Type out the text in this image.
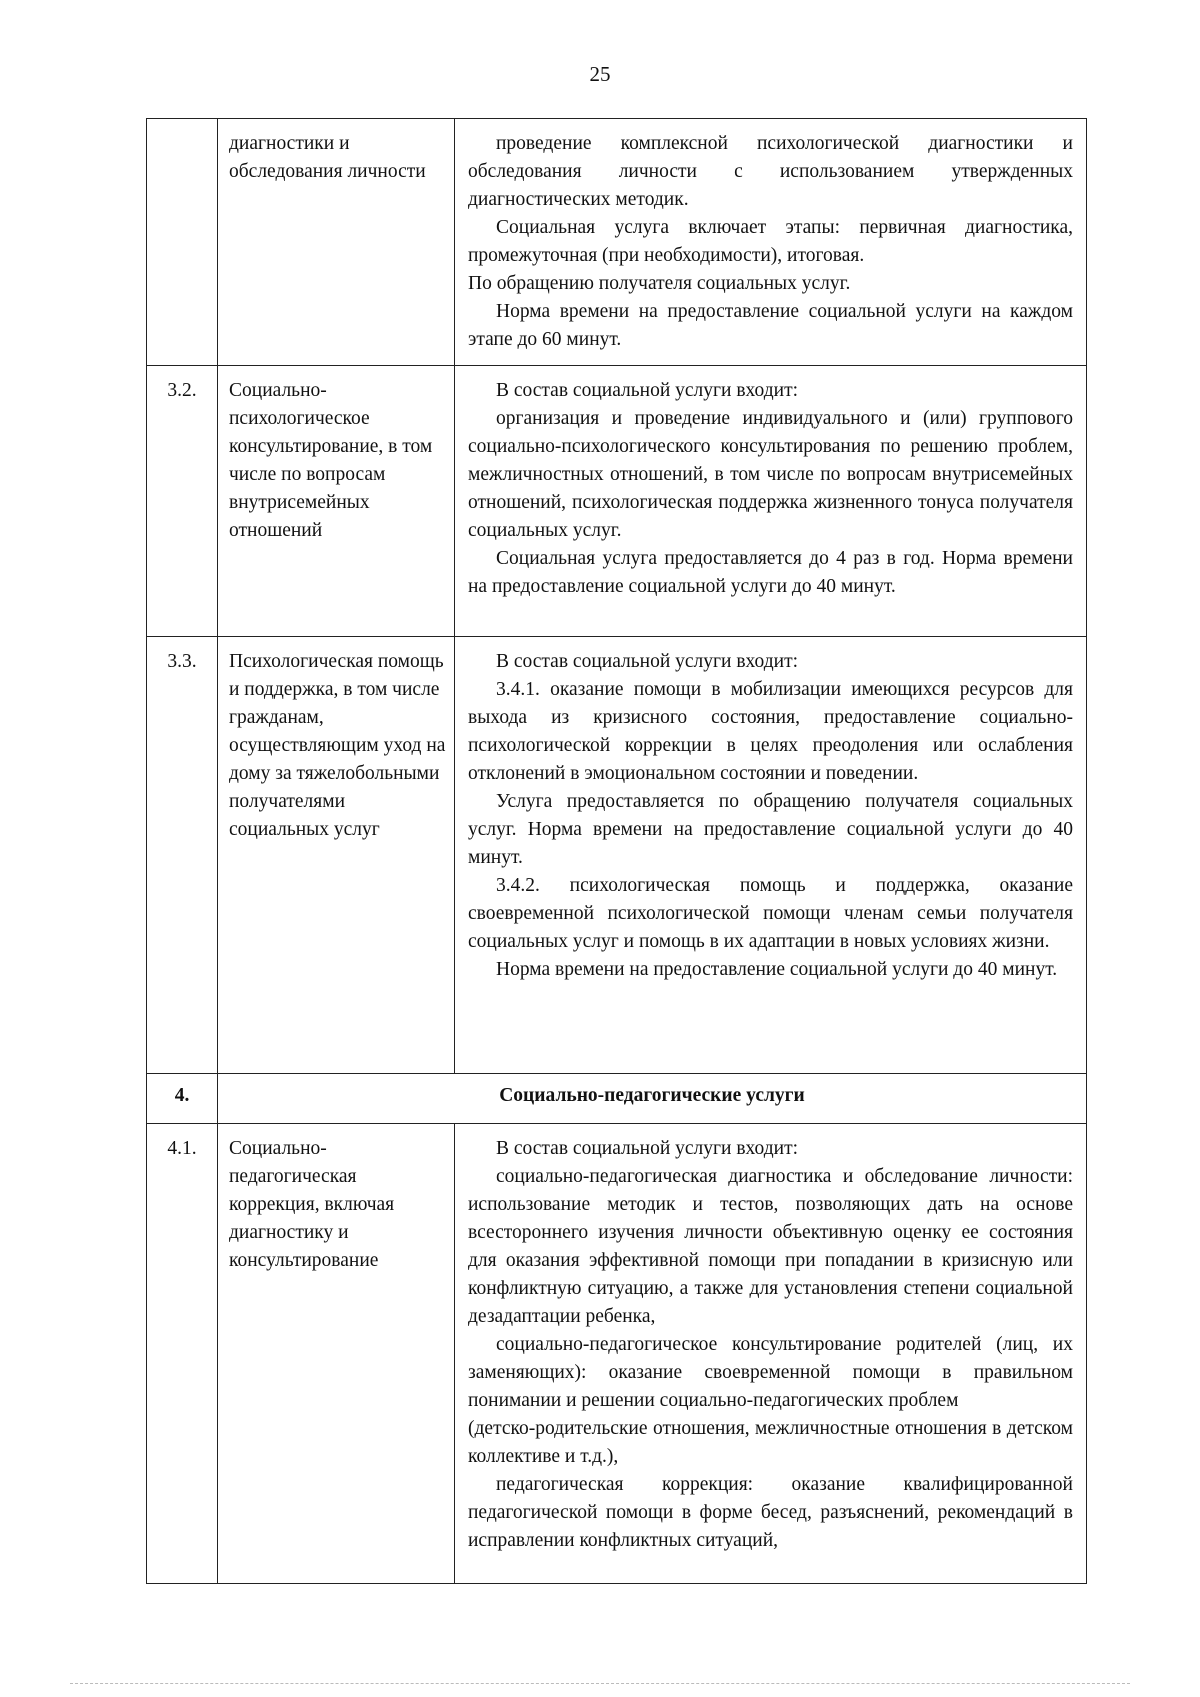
25
	диагностики и обследования личности	проведение комплексной психологической диагностики и обследования личности с использованием утвержденных диагностических методик.

Социальная услуга включает этапы: первичная диагностика, промежуточная (при необходимости), итоговая.

По обращению получателя социальных услуг.

Норма времени на предоставление социальной услуги на каждом этапе до 60 минут.

3.2.	Социально-психологическое консультирование, в том числе по вопросам внутрисемейных отношений	В состав социальной услуги входит:

организация и проведение индивидуального и (или) группового социально-психологического консультирования по решению проблем, межличностных отношений, в том числе по вопросам внутрисемейных отношений, психологическая поддержка жизненного тонуса получателя социальных услуг.

Социальная услуга предоставляется до 4 раз в год. Норма времени на предоставление социальной услуги до 40 минут.

3.3.	Психологическая помощь и поддержка, в том числе гражданам, осуществляющим уход на дому за тяжелобольными получателями социальных услуг	В состав социальной услуги входит:

3.4.1. оказание помощи в мобилизации имеющихся ресурсов для выхода из кризисного состояния, предоставление социально-психологической коррекции в целях преодоления или ослабления отклонений в эмоциональном состоянии и поведении.

Услуга предоставляется по обращению получателя социальных услуг. Норма времени на предоставление социальной услуги до 40 минут.

3.4.2. психологическая помощь и поддержка, оказание своевременной психологической помощи членам семьи получателя социальных услуг и помощь в их адаптации в новых условиях жизни.

Норма времени на предоставление социальной услуги до 40 минут.

4.	Социально-педагогические услуги	
4.1.	Социально-педагогическая коррекция, включая диагностику и консультирование	В состав социальной услуги входит:

социально-педагогическая диагностика и обследование личности: использование методик и тестов, позволяющих дать на основе всестороннего изучения личности объективную оценку ее состояния для оказания эффективной помощи при попадании в кризисную или конфликтную ситуацию, а также для установления степени социальной дезадаптации ребенка,

социально-педагогическое консультирование родителей (лиц, их заменяющих): оказание своевременной помощи в правильном понимании и решении социально-педагогических проблем

(детско-родительские отношения, межличностные отношения в детском коллективе и т.д.),

педагогическая коррекция: оказание квалифицированной педагогической помощи в форме бесед, разъяснений, рекомендаций в исправлении конфликтных ситуаций,
